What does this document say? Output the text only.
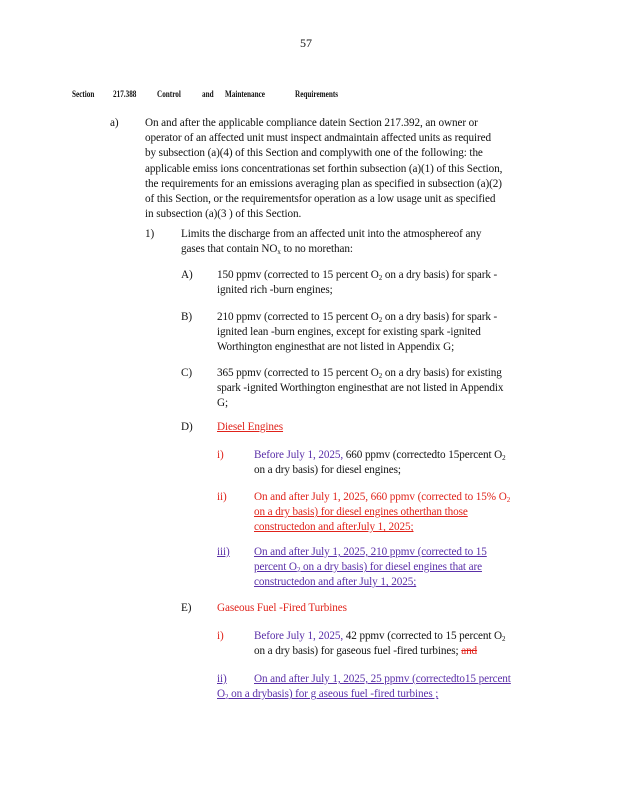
57
Section 217.388 Control and Maintenance	Requirements
a) On and after the applicable compliance datein Section 217.392, an owner or
operator of an affected unit must inspect andmaintain affected units as required
by subsection (a)(4) of this Section and complywith one of the following: the
applicable emiss ions concentrationas set forthin subsection (a)(1) of this Section,
the requirements for an emissions averaging plan as specified in subsection (a)(2)
of this Section, or the requirementsfor operation as a low usage unit as specified
in subsection (a)(3 ) of this Section.
1) Limits the discharge from an affected unit into the atmosphereof any
gases that contain $NO_x$ to no morethan:
A) 150 ppmv (corrected to 15 percent $O_2$ on a dry basis) for spark -
ignited rich -burn engines;
B) 210 ppmv (corrected to 15 percent $O_2$ on a dry basis) for spark -
ignited lean -burn engines, except for existing spark -ignited
Worthington enginesthat are not listed in Appendix G;
C) 365 ppmv (corrected to 15 percent $O_2$ on a dry basis) for existing
spark -ignited Worthington enginesthat are not listed in Appendix
G;
D) Diesel Engines
i)	Before July 1, 2025, 660 ppmv (correctedto 15percent $O_2$
on a dry basis) for diesel engines;
ii) On and after July 1, 2025, 660 ppmv (corrected to 15% $O_2$
on a dry basis) for diesel engines otherthan those
constructedon and afterJuly 1, 2025;
iii) On and after July 1, 2025, 210 ppmv (corrected to 15
percent $O_2$ on a dry basis) for diesel engines that are
constructedon and after July 1, 2025;
E) Gaseous Fuel -Fired Turbines
i)	Before July 1, 2025, 42 ppmv (corrected to 15 percent $O_2$
on a dry basis) for gaseous fuel -fired turbines; and
ii)	On and after July 1, 2025, 25 ppmv (correctedto15 percent
$O_2$ on a drybasis) for g aseous fuel -fired turbines ;
